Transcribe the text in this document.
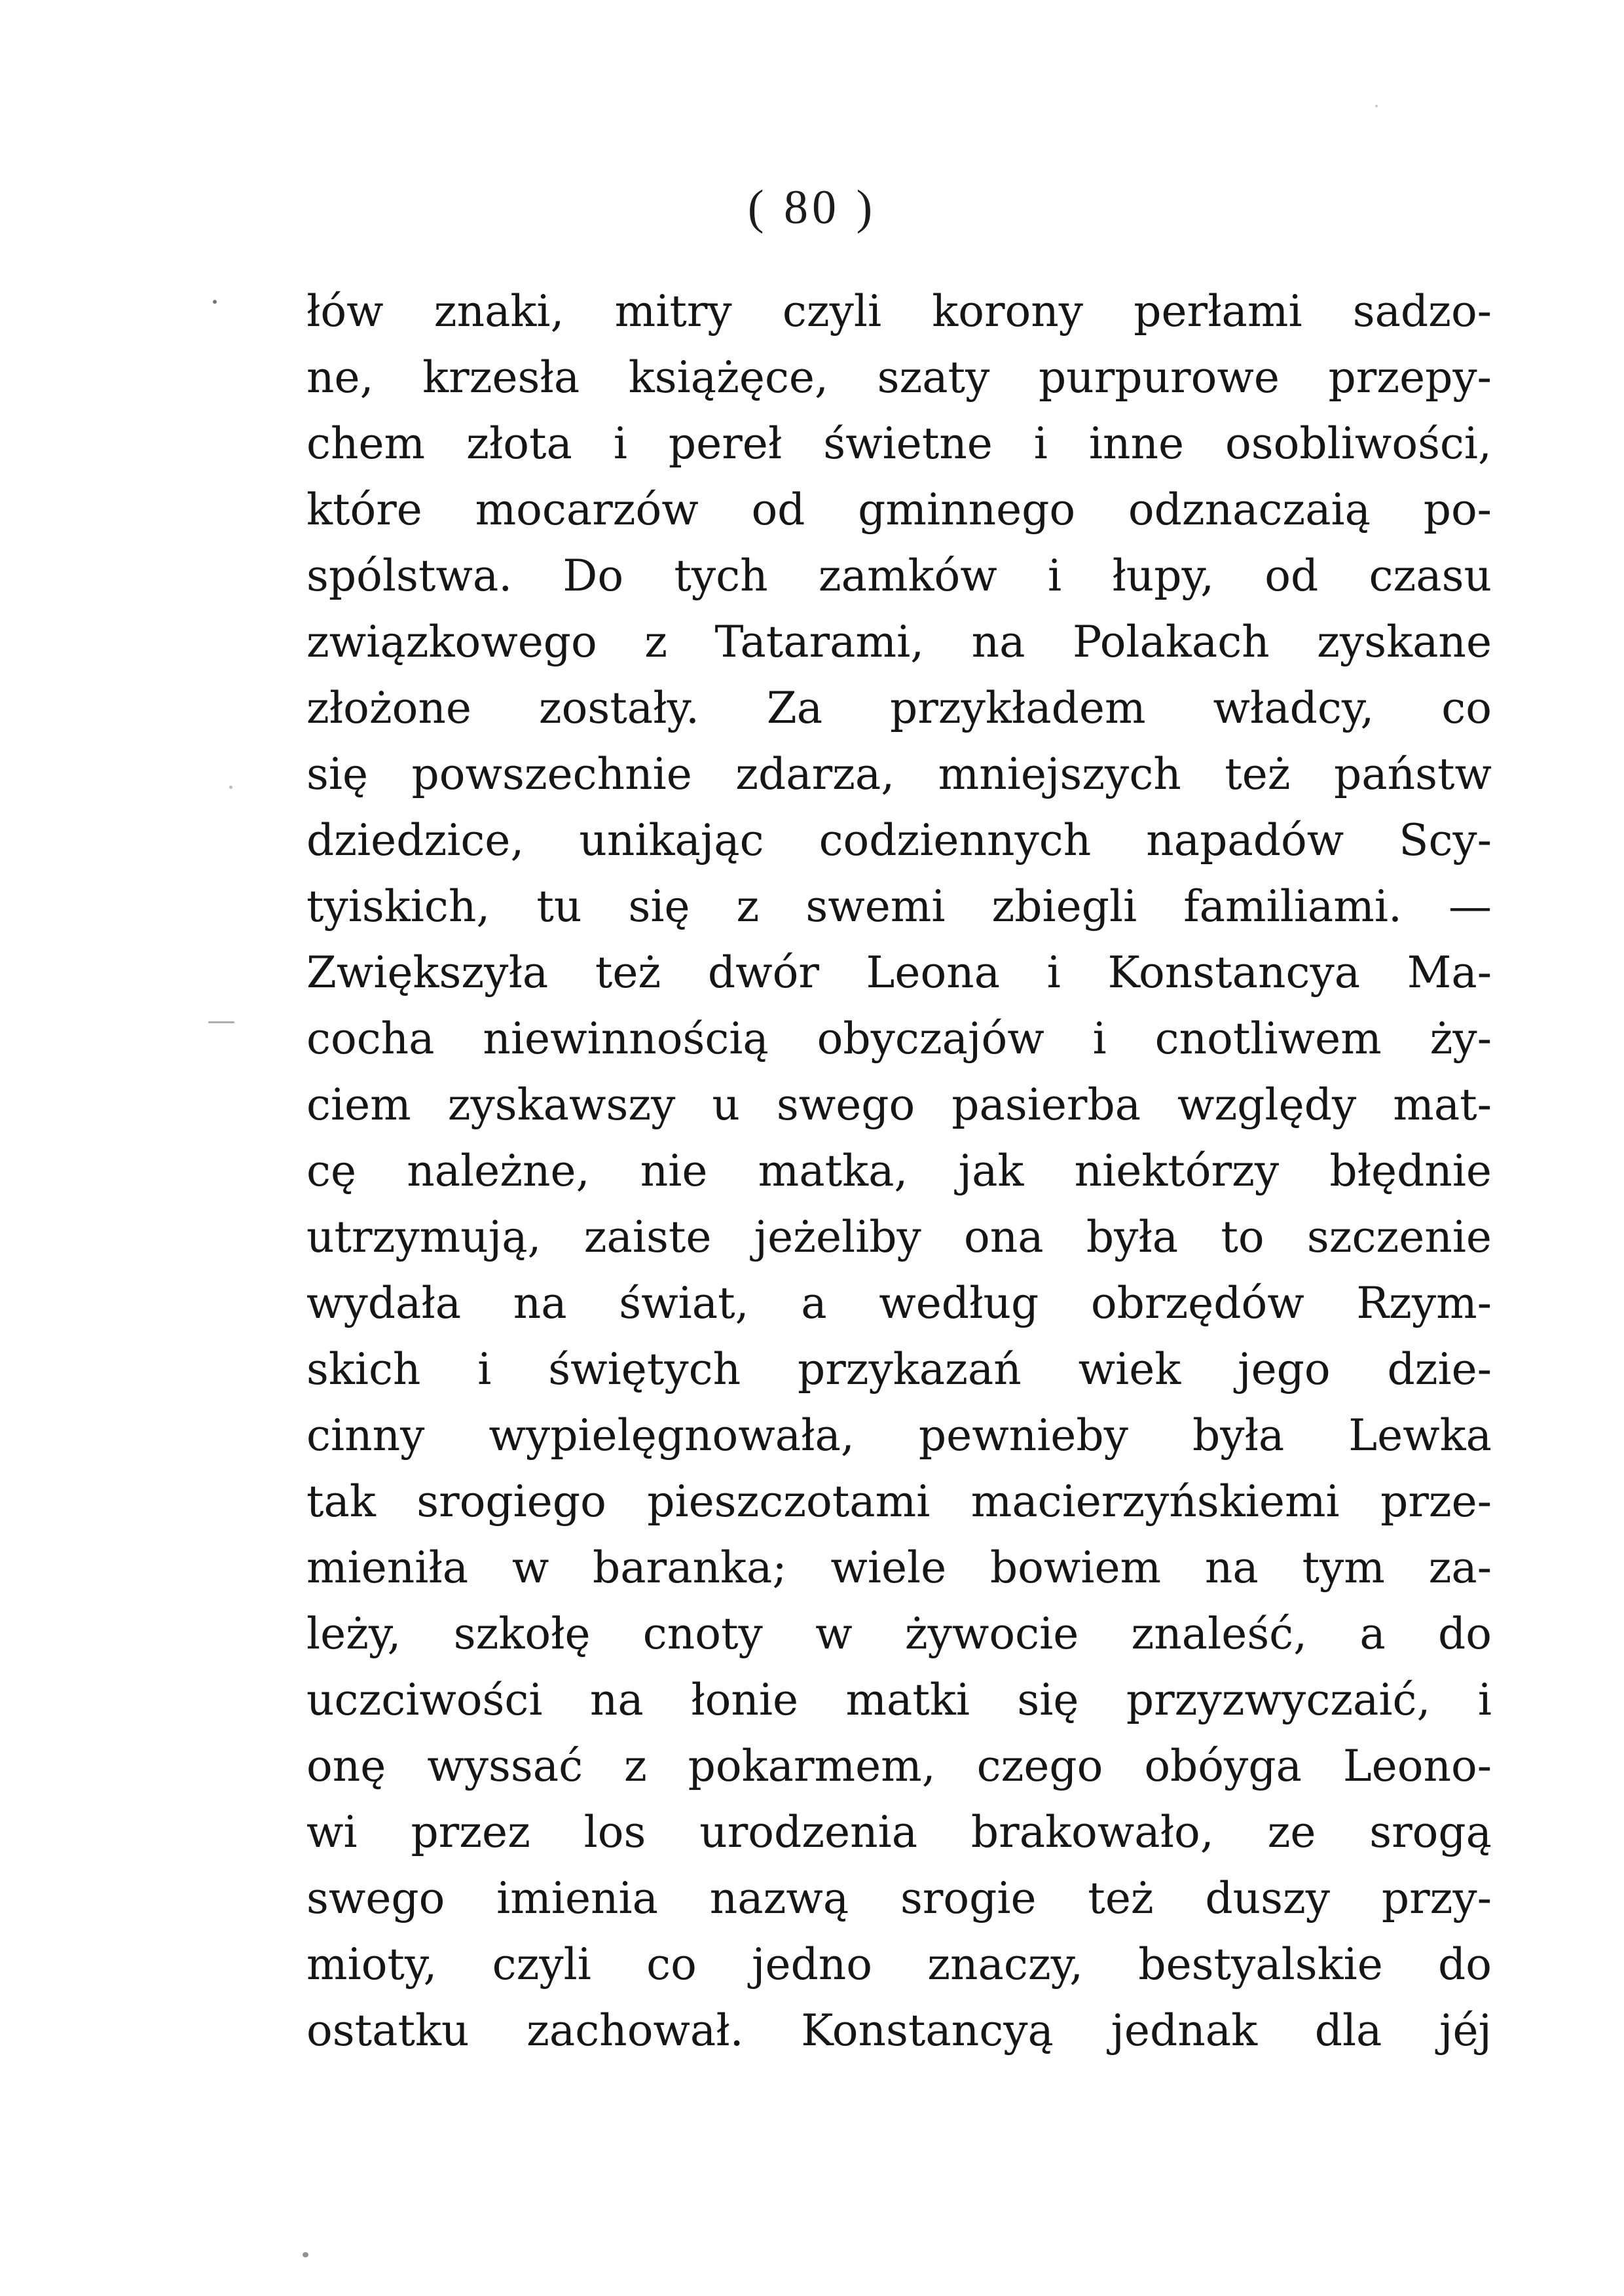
( 80 )
łów znaki, mitry czyli korony perłami sadzo-
ne, krzesła książęce, szaty purpurowe przepy-
chem złota i pereł świetne i inne osobliwości,
które mocarzów od gminnego odznaczaią po-
spólstwa. Do tych zamków i łupy, od czasu
związkowego z Tatarami, na Polakach zyskane
złożone zostały. Za przykładem władcy, co
się powszechnie zdarza, mniejszych też państw
dziedzice, unikając codziennych napadów Scy-
tyiskich, tu się z swemi zbiegli familiami. —
Zwiększyła też dwór Leona i Konstancya Ma-
cocha niewinnością obyczajów i cnotliwem ży-
ciem zyskawszy u swego pasierba względy mat-
cę należne, nie matka, jak niektórzy błędnie
utrzymują, zaiste jeżeliby ona była to szczenie
wydała na świat, a według obrzędów Rzym-
skich i świętych przykazań wiek jego dzie-
cinny wypielęgnowała, pewnieby była Lewka
tak srogiego pieszczotami macierzyńskiemi prze-
mieniła w baranka; wiele bowiem na tym za-
leży, szkołę cnoty w żywocie znaleść, a do
uczciwości na łonie matki się przyzwyczaić, i
onę wyssać z pokarmem, czego obóyga Leono-
wi przez los urodzenia brakowało, ze srogą
swego imienia nazwą srogie też duszy przy-
mioty, czyli co jedno znaczy, bestyalskie do
ostatku zachował. Konstancyą jednak dla jéj
